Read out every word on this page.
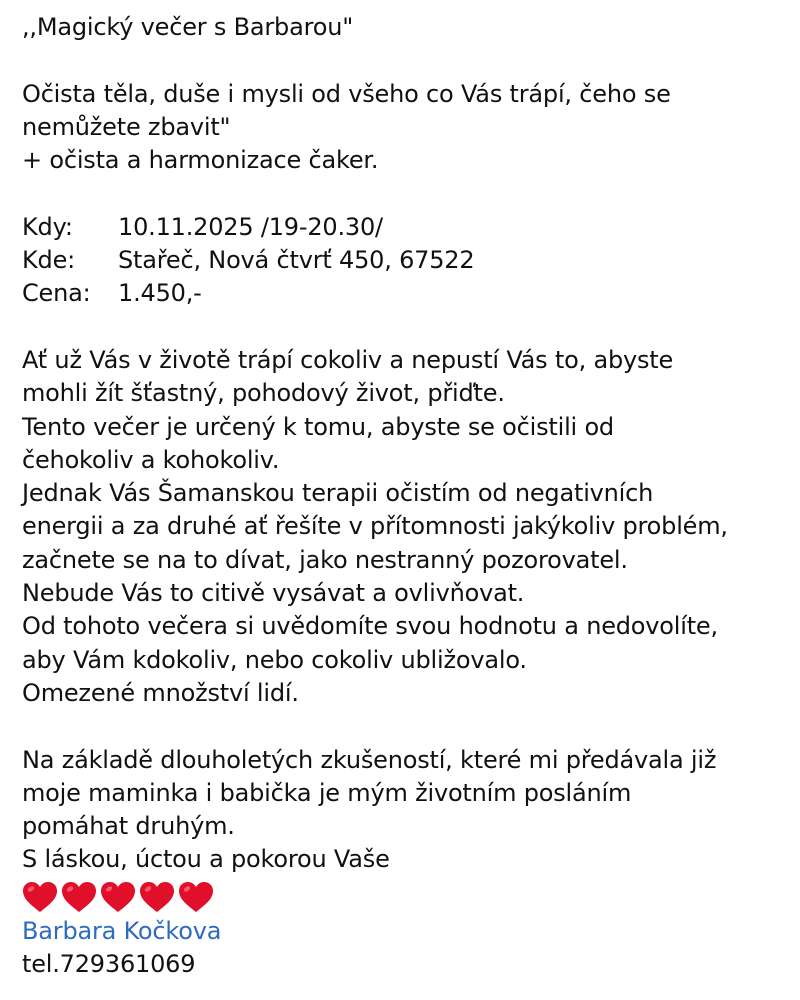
,,Magický večer s Barbarou"
Očista těla, duše i mysli od všeho co Vás trápí, čeho se
nemůžete zbavit"
+ očista a harmonizace čaker.
Kdy:	10.11.2025 /19-20.30/
Kde:	Stařeč, Nová čtvrť 450, 67522
Cena:	1.450,-
Ať už Vás v životě trápí cokoliv a nepustí Vás to, abyste
mohli žít šťastný, pohodový život, přiďte.
Tento večer je určený k tomu, abyste se očistili od
čehokoliv a kohokoliv.
Jednak Vás Šamanskou terapii očistím od negativních
energii a za druhé ať řešíte v přítomnosti jakýkoliv problém,
začnete se na to dívat, jako nestranný pozorovatel.
Nebude Vás to citivě vysávat a ovlivňovat.
Od tohoto večera si uvědomíte svou hodnotu a nedovolíte,
aby Vám kdokoliv, nebo cokoliv ubližovalo.
Omezené množství lidí.
Na základě dlouholetých zkušeností, které mi předávala již
moje maminka i babička je mým životním posláním
pomáhat druhým.
S láskou, úctou a pokorou Vaše
Barbara Kočkova
tel.729361069
